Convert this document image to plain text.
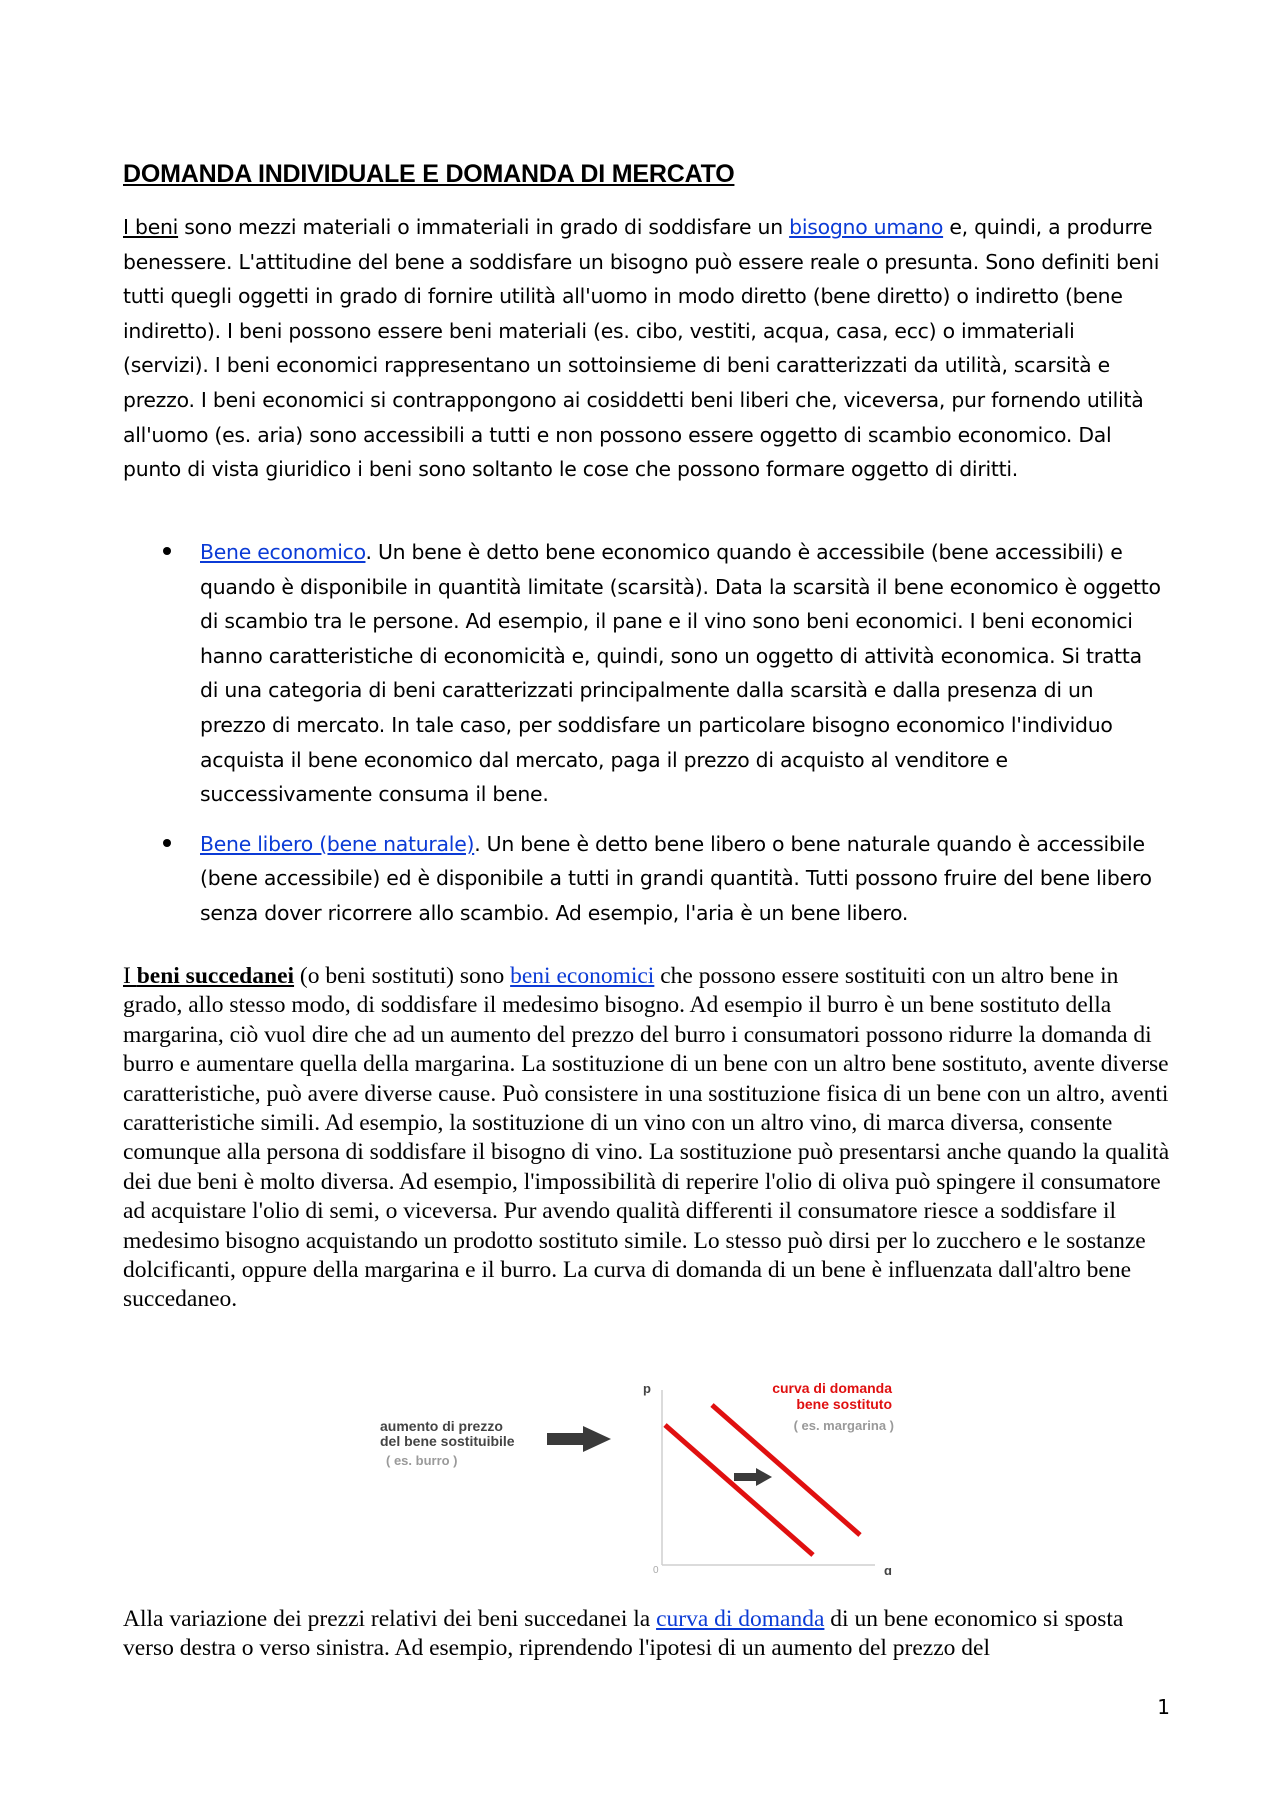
DOMANDA INDIVIDUALE E DOMANDA DI MERCATO
I beni sono mezzi materiali o immateriali in grado di soddisfare un bisogno umano e, quindi, a produrre benessere. L'attitudine del bene a soddisfare un bisogno può essere reale o presunta. Sono definiti beni tutti quegli oggetti in grado di fornire utilità all'uomo in modo diretto (bene diretto) o indiretto (bene indiretto). I beni possono essere beni materiali (es. cibo, vestiti, acqua, casa, ecc) o immateriali (servizi). I beni economici rappresentano un sottoinsieme di beni caratterizzati da utilità, scarsità e prezzo. I beni economici si contrappongono ai cosiddetti beni liberi che, viceversa, pur fornendo utilità all'uomo (es. aria) sono accessibili a tutti e non possono essere oggetto di scambio economico. Dal punto di vista giuridico i beni sono soltanto le cose che possono formare oggetto di diritti.
Bene economico. Un bene è detto bene economico quando è accessibile (bene accessibili) e quando è disponibile in quantità limitate (scarsità). Data la scarsità il bene economico è oggetto di scambio tra le persone. Ad esempio, il pane e il vino sono beni economici. I beni economici hanno caratteristiche di economicità e, quindi, sono un oggetto di attività economica. Si tratta di una categoria di beni caratterizzati principalmente dalla scarsità e dalla presenza di un prezzo di mercato. In tale caso, per soddisfare un particolare bisogno economico l'individuo acquista il bene economico dal mercato, paga il prezzo di acquisto al venditore e successivamente consuma il bene.
Bene libero (bene naturale). Un bene è detto bene libero o bene naturale quando è accessibile (bene accessibile) ed è disponibile a tutti in grandi quantità. Tutti possono fruire del bene libero senza dover ricorrere allo scambio. Ad esempio, l'aria è un bene libero.
I beni succedanei (o beni sostituti) sono beni economici che possono essere sostituiti con un altro bene in grado, allo stesso modo, di soddisfare il medesimo bisogno. Ad esempio il burro è un bene sostituto della margarina, ciò vuol dire che ad un aumento del prezzo del burro i consumatori possono ridurre la domanda di burro e aumentare quella della margarina. La sostituzione di un bene con un altro bene sostituto, avente diverse caratteristiche, può avere diverse cause. Può consistere in una sostituzione fisica di un bene con un altro, aventi caratteristiche simili. Ad esempio, la sostituzione di un vino con un altro vino, di marca diversa, consente comunque alla persona di soddisfare il bisogno di vino. La sostituzione può presentarsi anche quando la qualità dei due beni è molto diversa. Ad esempio, l'impossibilità di reperire l'olio di oliva può spingere il consumatore ad acquistare l'olio di semi, o viceversa. Pur avendo qualità differenti il consumatore riesce a soddisfare il medesimo bisogno acquistando un prodotto sostituto simile. Lo stesso può dirsi per lo zucchero e le sostanze dolcificanti, oppure della margarina e il burro. La curva di domanda di un bene è influenzata dall'altro bene succedaneo.
aumento di prezzo
del bene sostituibile
( es. burro )
p
q
0
curva di domanda
bene sostituto
( es. margarina )
Alla variazione dei prezzi relativi dei beni succedanei la curva di domanda di un bene economico si sposta verso destra o verso sinistra. Ad esempio, riprendendo l'ipotesi di un aumento del prezzo del
1
